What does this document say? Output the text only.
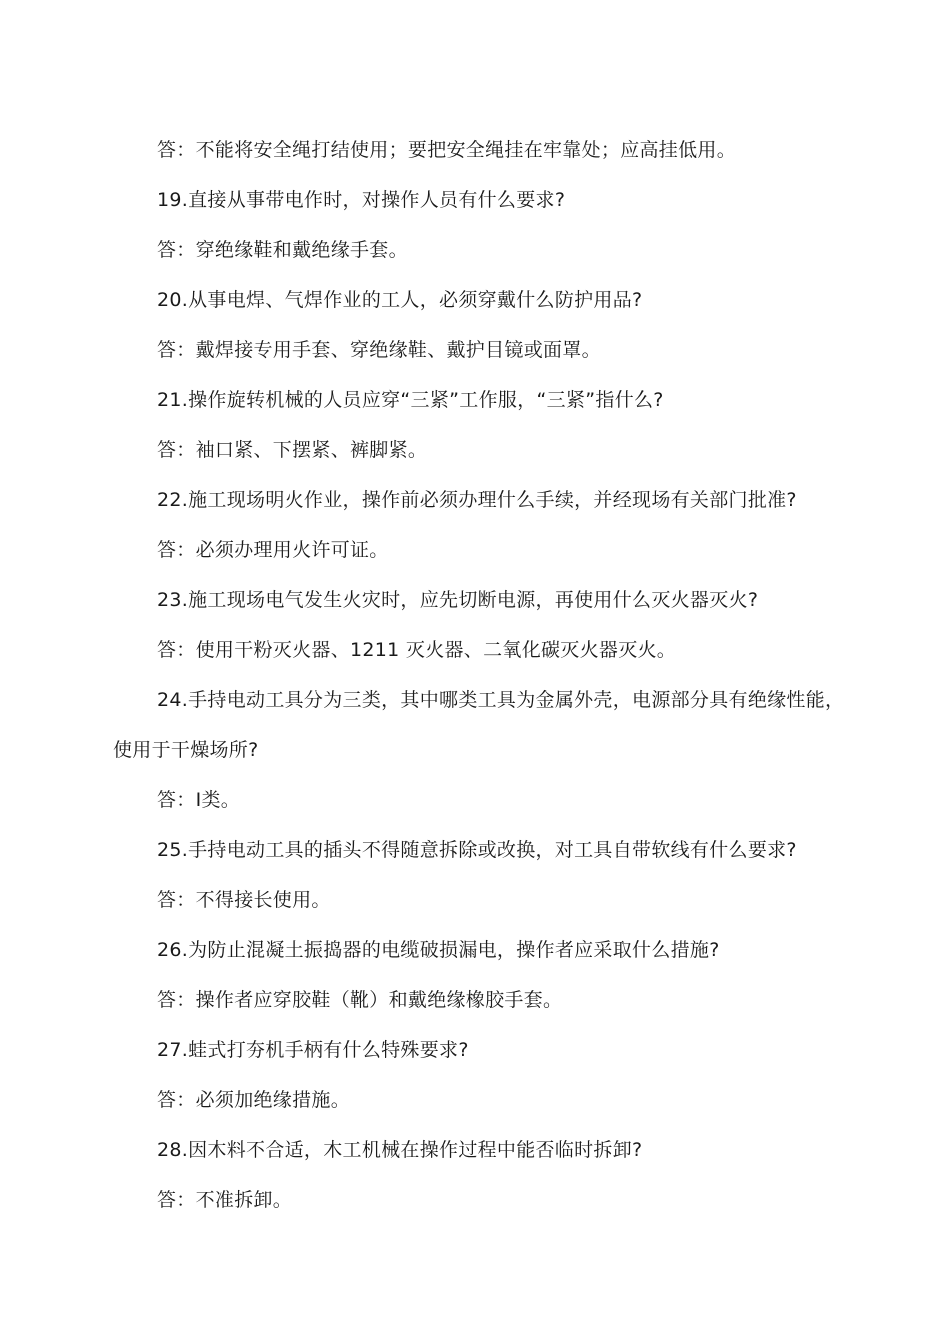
答：不能将安全绳打结使用；要把安全绳挂在牢靠处；应高挂低用。
19.直接从事带电作时，对操作人员有什么要求?
答：穿绝缘鞋和戴绝缘手套。
20.从事电焊、气焊作业的工人，必须穿戴什么防护用品?
答：戴焊接专用手套、穿绝缘鞋、戴护目镜或面罩。
21.操作旋转机械的人员应穿“三紧”工作服，“三紧”指什么?
答：袖口紧、下摆紧、裤脚紧。
22.施工现场明火作业，操作前必须办理什么手续，并经现场有关部门批准?
答：必须办理用火许可证。
23.施工现场电气发生火灾时，应先切断电源，再使用什么灭火器灭火?
答：使用干粉灭火器、1211 灭火器、二氧化碳灭火器灭火。
24.手持电动工具分为三类，其中哪类工具为金属外壳，电源部分具有绝缘性能，
使用于干燥场所?
答：Ⅰ类。
25.手持电动工具的插头不得随意拆除或改换，对工具自带软线有什么要求?
答：不得接长使用。
26.为防止混凝土振捣器的电缆破损漏电，操作者应采取什么措施?
答：操作者应穿胶鞋（靴）和戴绝缘橡胶手套。
27.蛙式打夯机手柄有什么特殊要求?
答：必须加绝缘措施。
28.因木料不合适，木工机械在操作过程中能否临时拆卸?
答：不准拆卸。
